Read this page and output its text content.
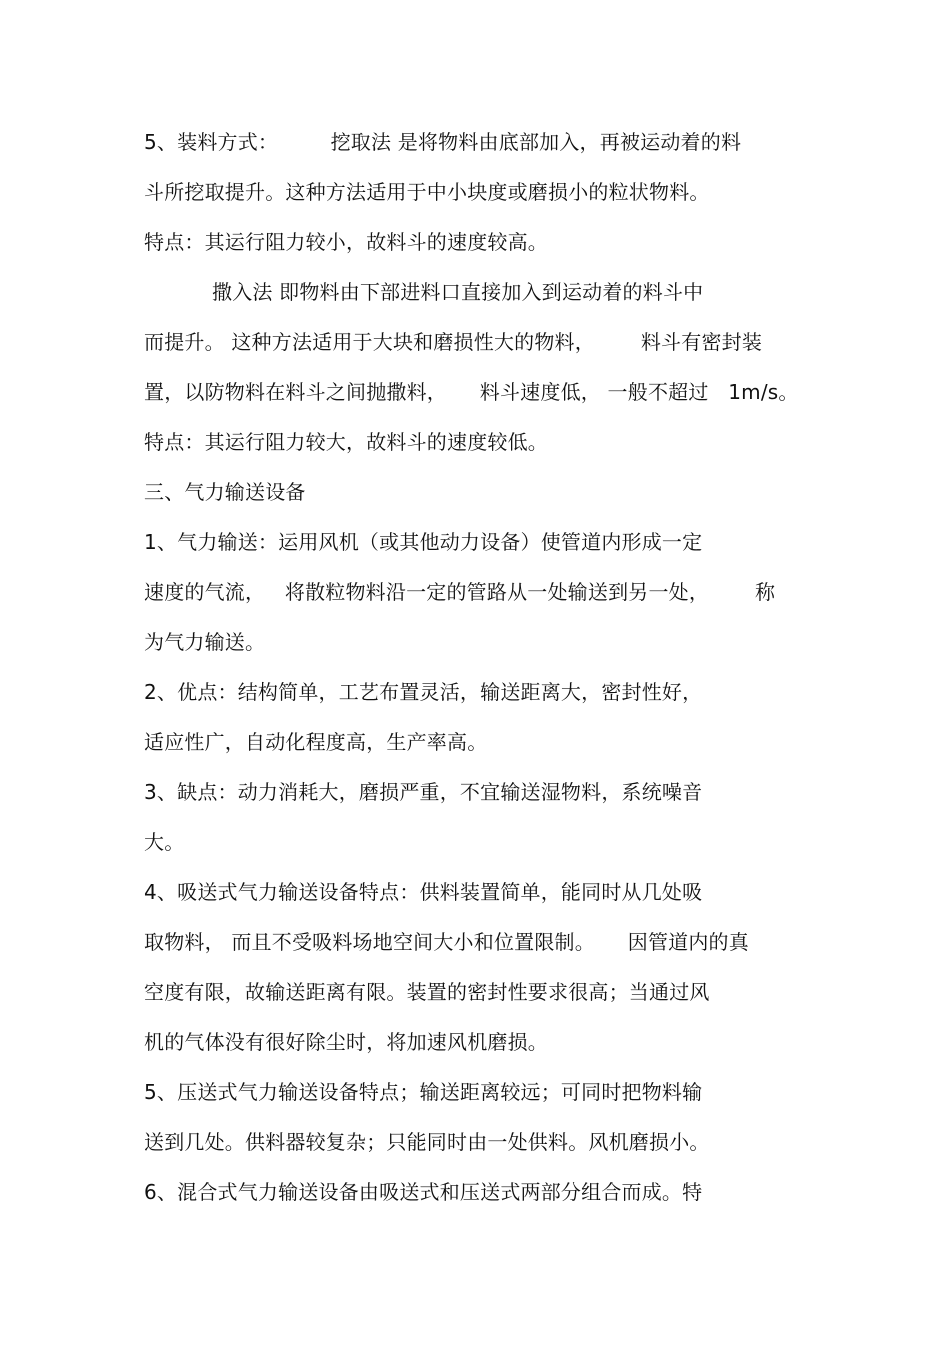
5、装料方式：        挖取法 是将物料由底部加入，再被运动着的料
斗所挖取提升。这种方法适用于中小块度或磨损小的粒状物料。
特点：其运行阻力较小，故料斗的速度较高。
撒入法 即物料由下部进料口直接加入到运动着的料斗中
而提升。 这种方法适用于大块和磨损性大的物料，       料斗有密封装
置，以防物料在料斗之间抛撒料，     料斗速度低， 一般不超过   1m/s。
特点：其运行阻力较大，故料斗的速度较低。
三、气力输送设备
1、气力输送：运用风机（或其他动力设备）使管道内形成一定
速度的气流，   将散粒物料沿一定的管路从一处输送到另一处，       称
为气力输送。
2、优点：结构简单，工艺布置灵活，输送距离大，密封性好，
适应性广，自动化程度高，生产率高。
3、缺点：动力消耗大，磨损严重，不宜输送湿物料，系统噪音
大。
4、吸送式气力输送设备特点：供料装置简单，能同时从几处吸
取物料， 而且不受吸料场地空间大小和位置限制。     因管道内的真
空度有限，故输送距离有限。装置的密封性要求很高；当通过风
机的气体没有很好除尘时，将加速风机磨损。
5、压送式气力输送设备特点；输送距离较远；可同时把物料输
送到几处。供料器较复杂；只能同时由一处供料。风机磨损小。
6、混合式气力输送设备由吸送式和压送式两部分组合而成。特
